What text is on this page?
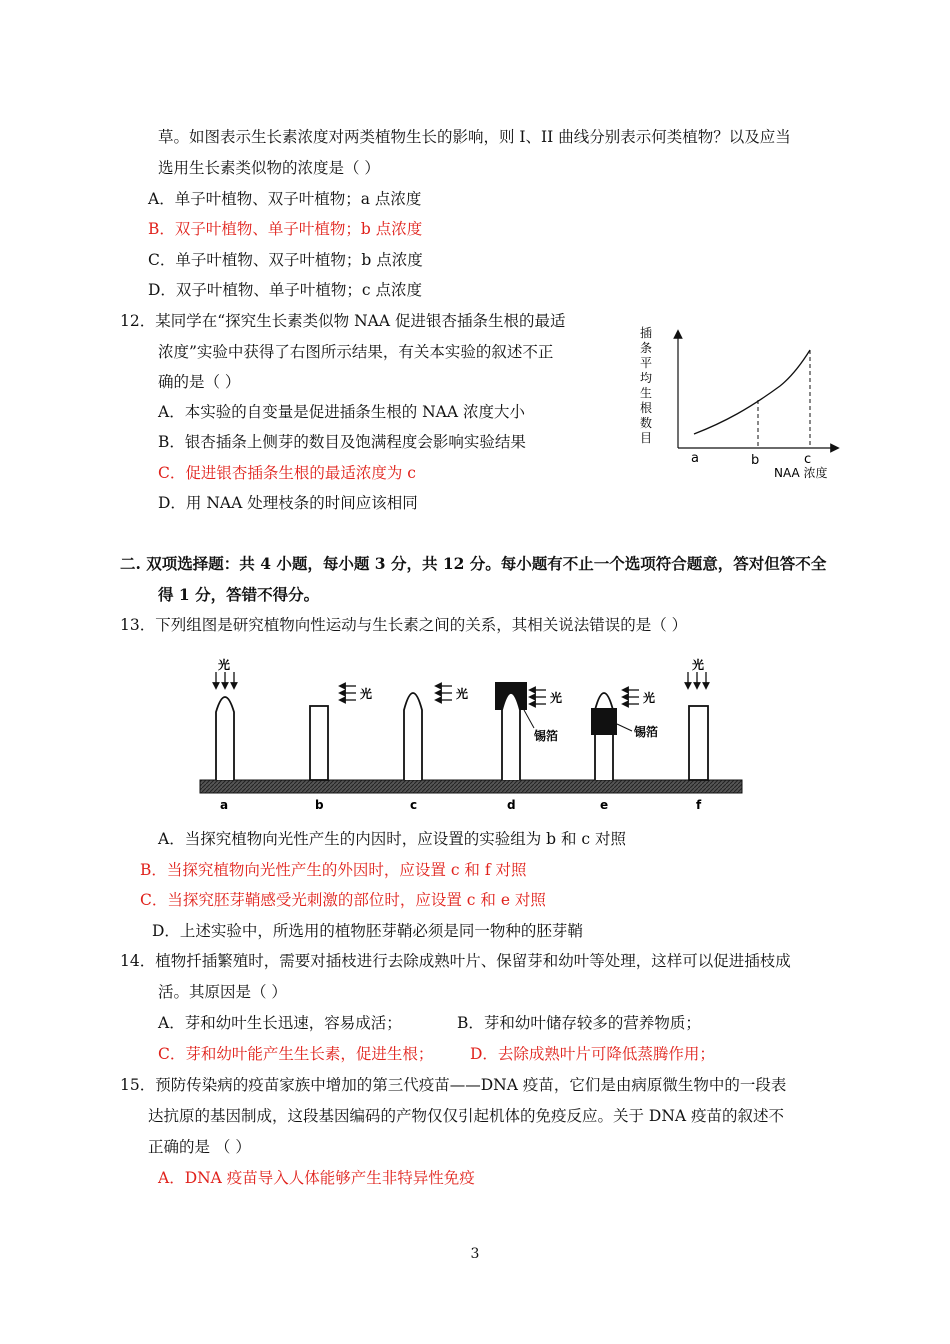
草。如图表示生长素浓度对两类植物生长的影响，则 I、II 曲线分别表示何类植物？以及应当
选用生长素类似物的浓度是（ ）
A．单子叶植物、双子叶植物；a 点浓度
B．双子叶植物、单子叶植物；b 点浓度
C．单子叶植物、双子叶植物；b 点浓度
D．双子叶植物、单子叶植物；c 点浓度
12．某同学在“探究生长素类似物 NAA 促进银杏插条生根的最适
浓度”实验中获得了右图所示结果，有关本实验的叙述不正
确的是（ ）
A．本实验的自变量是促进插条生根的 NAA 浓度大小
B．银杏插条上侧芽的数目及饱满程度会影响实验结果
C．促进银杏插条生根的最适浓度为 c
D．用 NAA 处理枝条的时间应该相同
插
条
平
均
生
根
数
目
a	b	c
NAA 浓度
二. 双项选择题：共 4 小题，每小题 3 分，共 12 分。每小题有不止一个选项符合题意，答对但答不全
得 1 分，答错不得分。
13．下列组图是研究植物向性运动与生长素之间的关系，其相关说法错误的是（ ）
光
光	光	光
锡箔
光
锡箔
光
a	b	c	d	e	f
A．当探究植物向光性产生的内因时，应设置的实验组为 b 和 c 对照
B．当探究植物向光性产生的外因时，应设置 c 和 f 对照
C．当探究胚芽鞘感受光刺激的部位时，应设置 c 和 e 对照
D．上述实验中，所选用的植物胚芽鞘必须是同一物种的胚芽鞘
14．植物扦插繁殖时，需要对插枝进行去除成熟叶片、保留芽和幼叶等处理，这样可以促进插枝成
活。其原因是（ ）
A．芽和幼叶生长迅速，容易成活；	B．芽和幼叶储存较多的营养物质；
C．芽和幼叶能产生生长素，促进生根； D．去除成熟叶片可降低蒸腾作用；
15．预防传染病的疫苗家族中增加的第三代疫苗——DNA 疫苗，它们是由病原微生物中的一段表
达抗原的基因制成，这段基因编码的产物仅仅引起机体的免疫反应。关于 DNA 疫苗的叙述不
正确的是 （ ）
A．DNA 疫苗导入人体能够产生非特异性免疫
3
